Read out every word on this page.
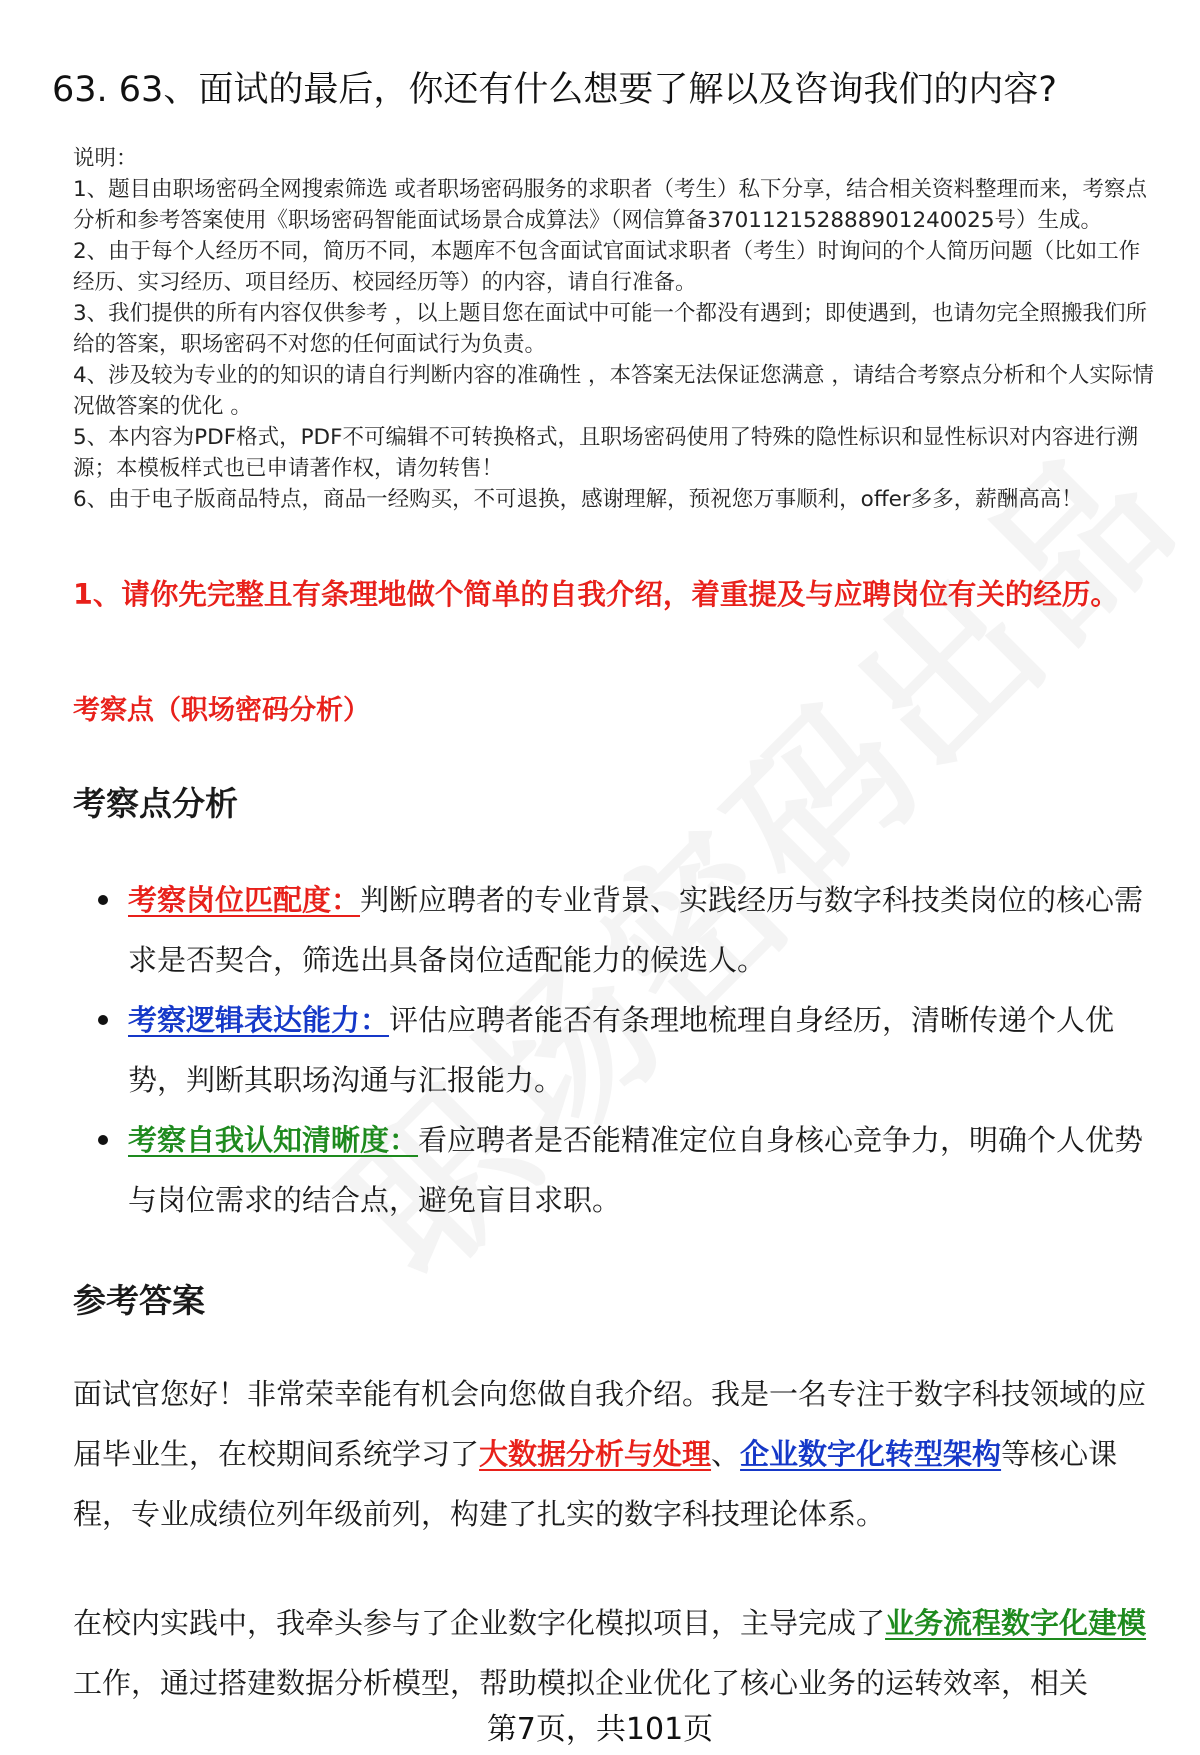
63. 63、面试的最后，你还有什么想要了解以及咨询我们的内容?

说明：

1、题目由职场密码全网搜索筛选 或者职场密码服务的求职者（考生）私下分享，结合相关资料整理而来，考察点分析和参考答案使用《职场密码智能面试场景合成算法》（网信算备370112152888901240025号）生成。

2、由于每个人经历不同，简历不同，本题库不包含面试官面试求职者（考生）时询问的个人简历问题（比如工作经历、实习经历、项目经历、校园经历等）的内容，请自行准备。

3、我们提供的所有内容仅供参考 ，以上题目您在面试中可能一个都没有遇到；即使遇到，也请勿完全照搬我们所给的答案，职场密码不对您的任何面试行为负责。

4、涉及较为专业的的知识的请自行判断内容的准确性 ，本答案无法保证您满意 ，请结合考察点分析和个人实际情况做答案的优化 。

5、本内容为PDF格式，PDF不可编辑不可转换格式，且职场密码使用了特殊的隐性标识和显性标识对内容进行溯源；本模板样式也已申请著作权，请勿转售！

6、由于电子版商品特点，商品一经购买，不可退换，感谢理解，预祝您万事顺利，offer多多，薪酬高高！

1、请你先完整且有条理地做个简单的自我介绍，着重提及与应聘岗位有关的经历。
考察点（职场密码分析）
考察点分析
考察岗位匹配度：判断应聘者的专业背景、实践经历与数字科技类岗位的核心需求是否契合，筛选出具备岗位适配能力的候选人。
考察逻辑表达能力：评估应聘者能否有条理地梳理自身经历，清晰传递个人优势，判断其职场沟通与汇报能力。
考察自我认知清晰度：看应聘者是否能精准定位自身核心竞争力，明确个人优势与岗位需求的结合点，避免盲目求职。
参考答案

面试官您好！非常荣幸能有机会向您做自我介绍。我是一名专注于数字科技领域的应届毕业生，在校期间系统学习了大数据分析与处理、企业数字化转型架构等核心课程，专业成绩位列年级前列，构建了扎实的数字科技理论体系。

在校内实践中，我牵头参与了企业数字化模拟项目，主导完成了业务流程数字化建模工作，通过搭建数据分析模型，帮助模拟企业优化了核心业务的运转效率，相关

第7页，共101页
